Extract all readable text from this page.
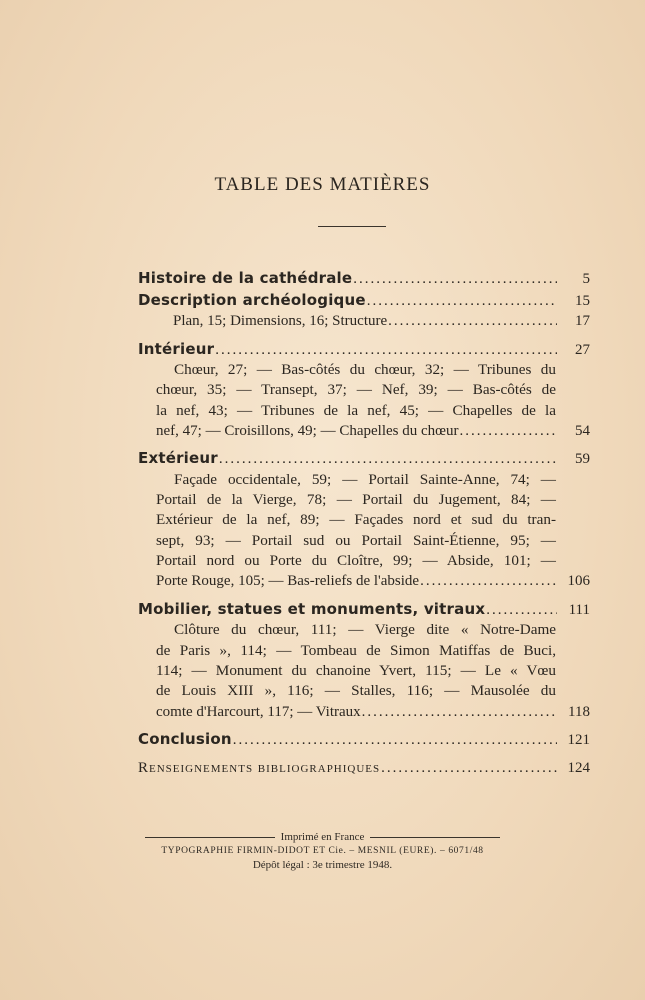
TABLE DES MATIÈRES
Histoire de la cathédrale .....	5
Description archéologique .....	15
Plan, 15; Dimensions, 16; Structure .....	17
Intérieur .....	27
Chœur, 27; — Bas-côtés du chœur, 32; — Tribunes du
chœur, 35; — Transept, 37; — Nef, 39; — Bas-côtés de
la nef, 43; — Tribunes de la nef, 45; — Chapelles de la
nef, 47; — Croisillons, 49; — Chapelles du chœur .....	54
Extérieur .....	59
Façade occidentale, 59; — Portail Sainte-Anne, 74; —
Portail de la Vierge, 78; — Portail du Jugement, 84; —
Extérieur de la nef, 89; — Façades nord et sud du tran-
sept, 93; — Portail sud ou Portail Saint-Étienne, 95; —
Portail nord ou Porte du Cloître, 99; — Abside, 101; —
Porte Rouge, 105; — Bas-reliefs de l'abside .....	106
Mobilier, statues et monuments, vitraux .....	111
Clôture du chœur, 111; — Vierge dite « Notre-Dame
de Paris », 114; — Tombeau de Simon Matiffas de Buci,
114; — Monument du chanoine Yvert, 115; — Le « Vœu
de Louis XIII », 116; — Stalles, 116; — Mausolée du
comte d'Harcourt, 117; — Vitraux .....	118
Conclusion .....	121
Renseignements bibliographiques .....	124
Imprimé en France
TYPOGRAPHIE FIRMIN-DIDOT ET Cie. – MESNIL (EURE). – 6071/48
Dépôt légal : 3e trimestre 1948.
